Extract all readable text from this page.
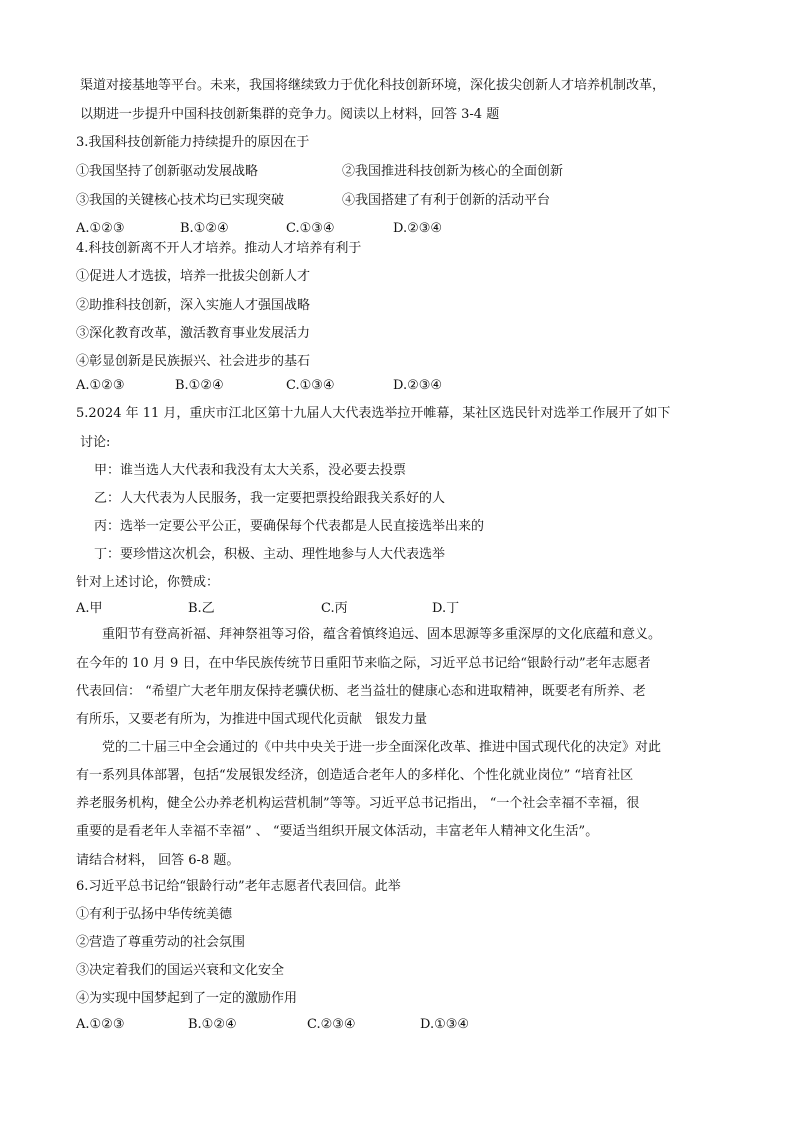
渠道对接基地等平台。未来，我国将继续致力于优化科技创新环境，深化拔尖创新人才培养机制改革，
以期进一步提升中国科技创新集群的竞争力。阅读以上材料，回答 3-4 题
3.我国科技创新能力持续提升的原因在于
①我国坚持了创新驱动发展战略	②我国推进科技创新为核心的全面创新
③我国的关键核心技术均已实现突破	④我国搭建了有利于创新的活动平台
A.①②③	B.①②④	C.①③④	D.②③④
4.科技创新离不开人才培养。推动人才培养有利于
①促进人才选拔，培养一批拔尖创新人才
②助推科技创新，深入实施人才强国战略
③深化教育改革，激活教育事业发展活力
④彰显创新是民族振兴、社会进步的基石
A.①②③	B.①②④	C.①③④	D.②③④
5.2024 年 11 月，重庆市江北区第十九届人大代表选举拉开帷幕，某社区选民针对选举工作展开了如下
讨论:
甲：谁当选人大代表和我没有太大关系，没必要去投票
乙：人大代表为人民服务，我一定要把票投给跟我关系好的人
丙：选举一定要公平公正，要确保每个代表都是人民直接选举出来的
丁：要珍惜这次机会，积极、主动、理性地参与人大代表选举
针对上述讨论，你赞成：
A.甲	B.乙	C.丙	D.丁
重阳节有登高祈福、拜神祭祖等习俗，蕴含着慎终追远、固本思源等多重深厚的文化底蕴和意义。
在今年的 10 月 9 日，在中华民族传统节日重阳节来临之际，习近平总书记给“银龄行动”老年志愿者
代表回信： “希望广大老年朋友保持老骥伏枥、老当益壮的健康心态和进取精神，既要老有所养、老
有所乐，又要老有所为，为推进中国式现代化贡献　银发力量
党的二十届三中全会通过的《中共中央关于进一步全面深化改革、推进中国式现代化的决定》对此
有一系列具体部署，包括“发展银发经济，创造适合老年人的多样化、个性化就业岗位” “培育社区
养老服务机构，健全公办养老机构运营机制”等等。习近平总书记指出， “一个社会幸福不幸福，很
重要的是看老年人幸福不幸福” 、 “要适当组织开展文体活动，丰富老年人精神文化生活”。
请结合材料， 回答 6-8 题。
6.习近平总书记给“银龄行动”老年志愿者代表回信。此举
①有利于弘扬中华传统美德
②营造了尊重劳动的社会氛围
③决定着我们的国运兴衰和文化安全
④为实现中国梦起到了一定的激励作用
A.①②③	B.①②④	C.②③④	D.①③④
